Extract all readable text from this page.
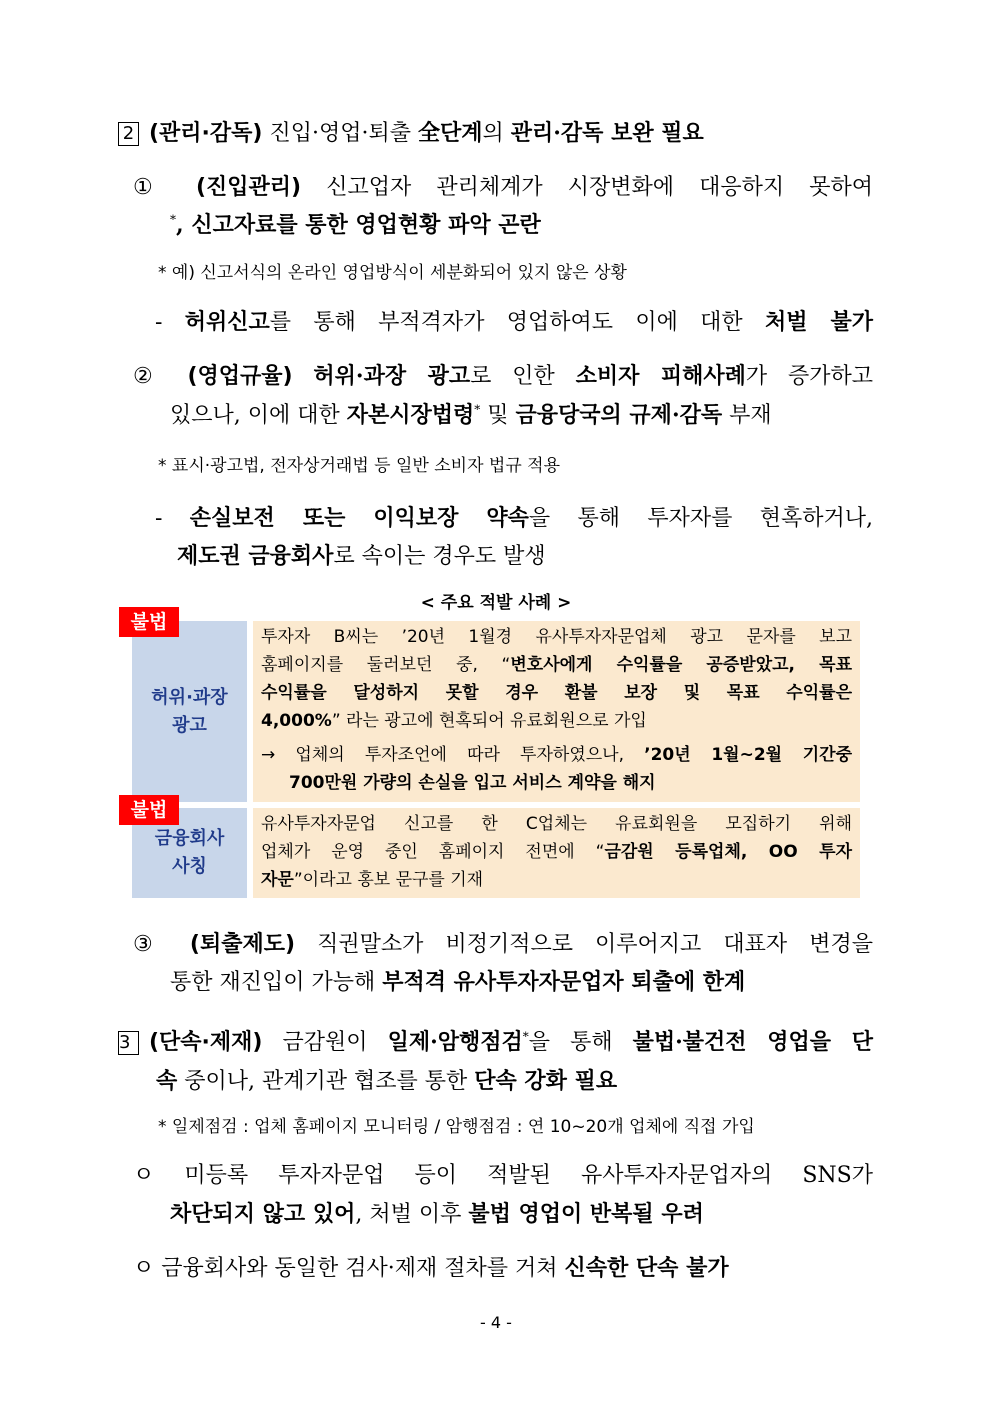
2 (관리·감독) 진입·영업·퇴출 全단계의 관리·감독 보완 필요
① (진입관리) 신고업자 관리체계가 시장변화에 대응하지 못하여
*, 신고자료를 통한 영업현황 파악 곤란
* 예) 신고서식의 온라인 영업방식이 세분화되어 있지 않은 상황
- 허위신고를 통해 부적격자가 영업하여도 이에 대한 처벌 불가
② (영업규율) 허위·과장 광고로 인한 소비자 피해사례가 증가하고
있으나, 이에 대한 자본시장법령* 및 금융당국의 규제·감독 부재
* 표시·광고법, 전자상거래법 등 일반 소비자 법규 적용
- 손실보전 또는 이익보장 약속을 통해 투자자를 현혹하거나,
제도권 금융회사로 속이는 경우도 발생
< 주요 적발 사례 >
허위·과장 광고
투자자 B씨는 ’20년 1월경 유사투자자문업체 광고 문자를 보고
홈페이지를 둘러보던 중, “변호사에게 수익률을 공증받았고, 목표
수익률을 달성하지 못할 경우 환불 보장 및 목표 수익률은
4,000%” 라는 광고에 현혹되어 유료회원으로 가입
→ 업체의 투자조언에 따라 투자하였으나, ’20년 1월~2월 기간중
700만원 가량의 손실을 입고 서비스 계약을 해지
불법
금융회사 사칭
유사투자자문업 신고를 한 C업체는 유료회원을 모집하기 위해
업체가 운영 중인 홈페이지 전면에 “금감원 등록업체, OO 투자
자문”이라고 홍보 문구를 기재
불법
③ (퇴출제도) 직권말소가 비정기적으로 이루어지고 대표자 변경을
통한 재진입이 가능해 부적격 유사투자자문업자 퇴출에 한계
3 (단속·제재) 금감원이 일제·암행점검*을 통해 불법·불건전 영업을 단
속 중이나, 관계기관 협조를 통한 단속 강화 필요
* 일제점검 : 업체 홈페이지 모니터링 / 암행점검 : 연 10~20개 업체에 직접 가입
ㅇ 미등록 투자자문업 등이 적발된 유사투자자문업자의 SNS가
차단되지 않고 있어, 처벌 이후 불법 영업이 반복될 우려
ㅇ 금융회사와 동일한 검사·제재 절차를 거쳐 신속한 단속 불가
- 4 -
